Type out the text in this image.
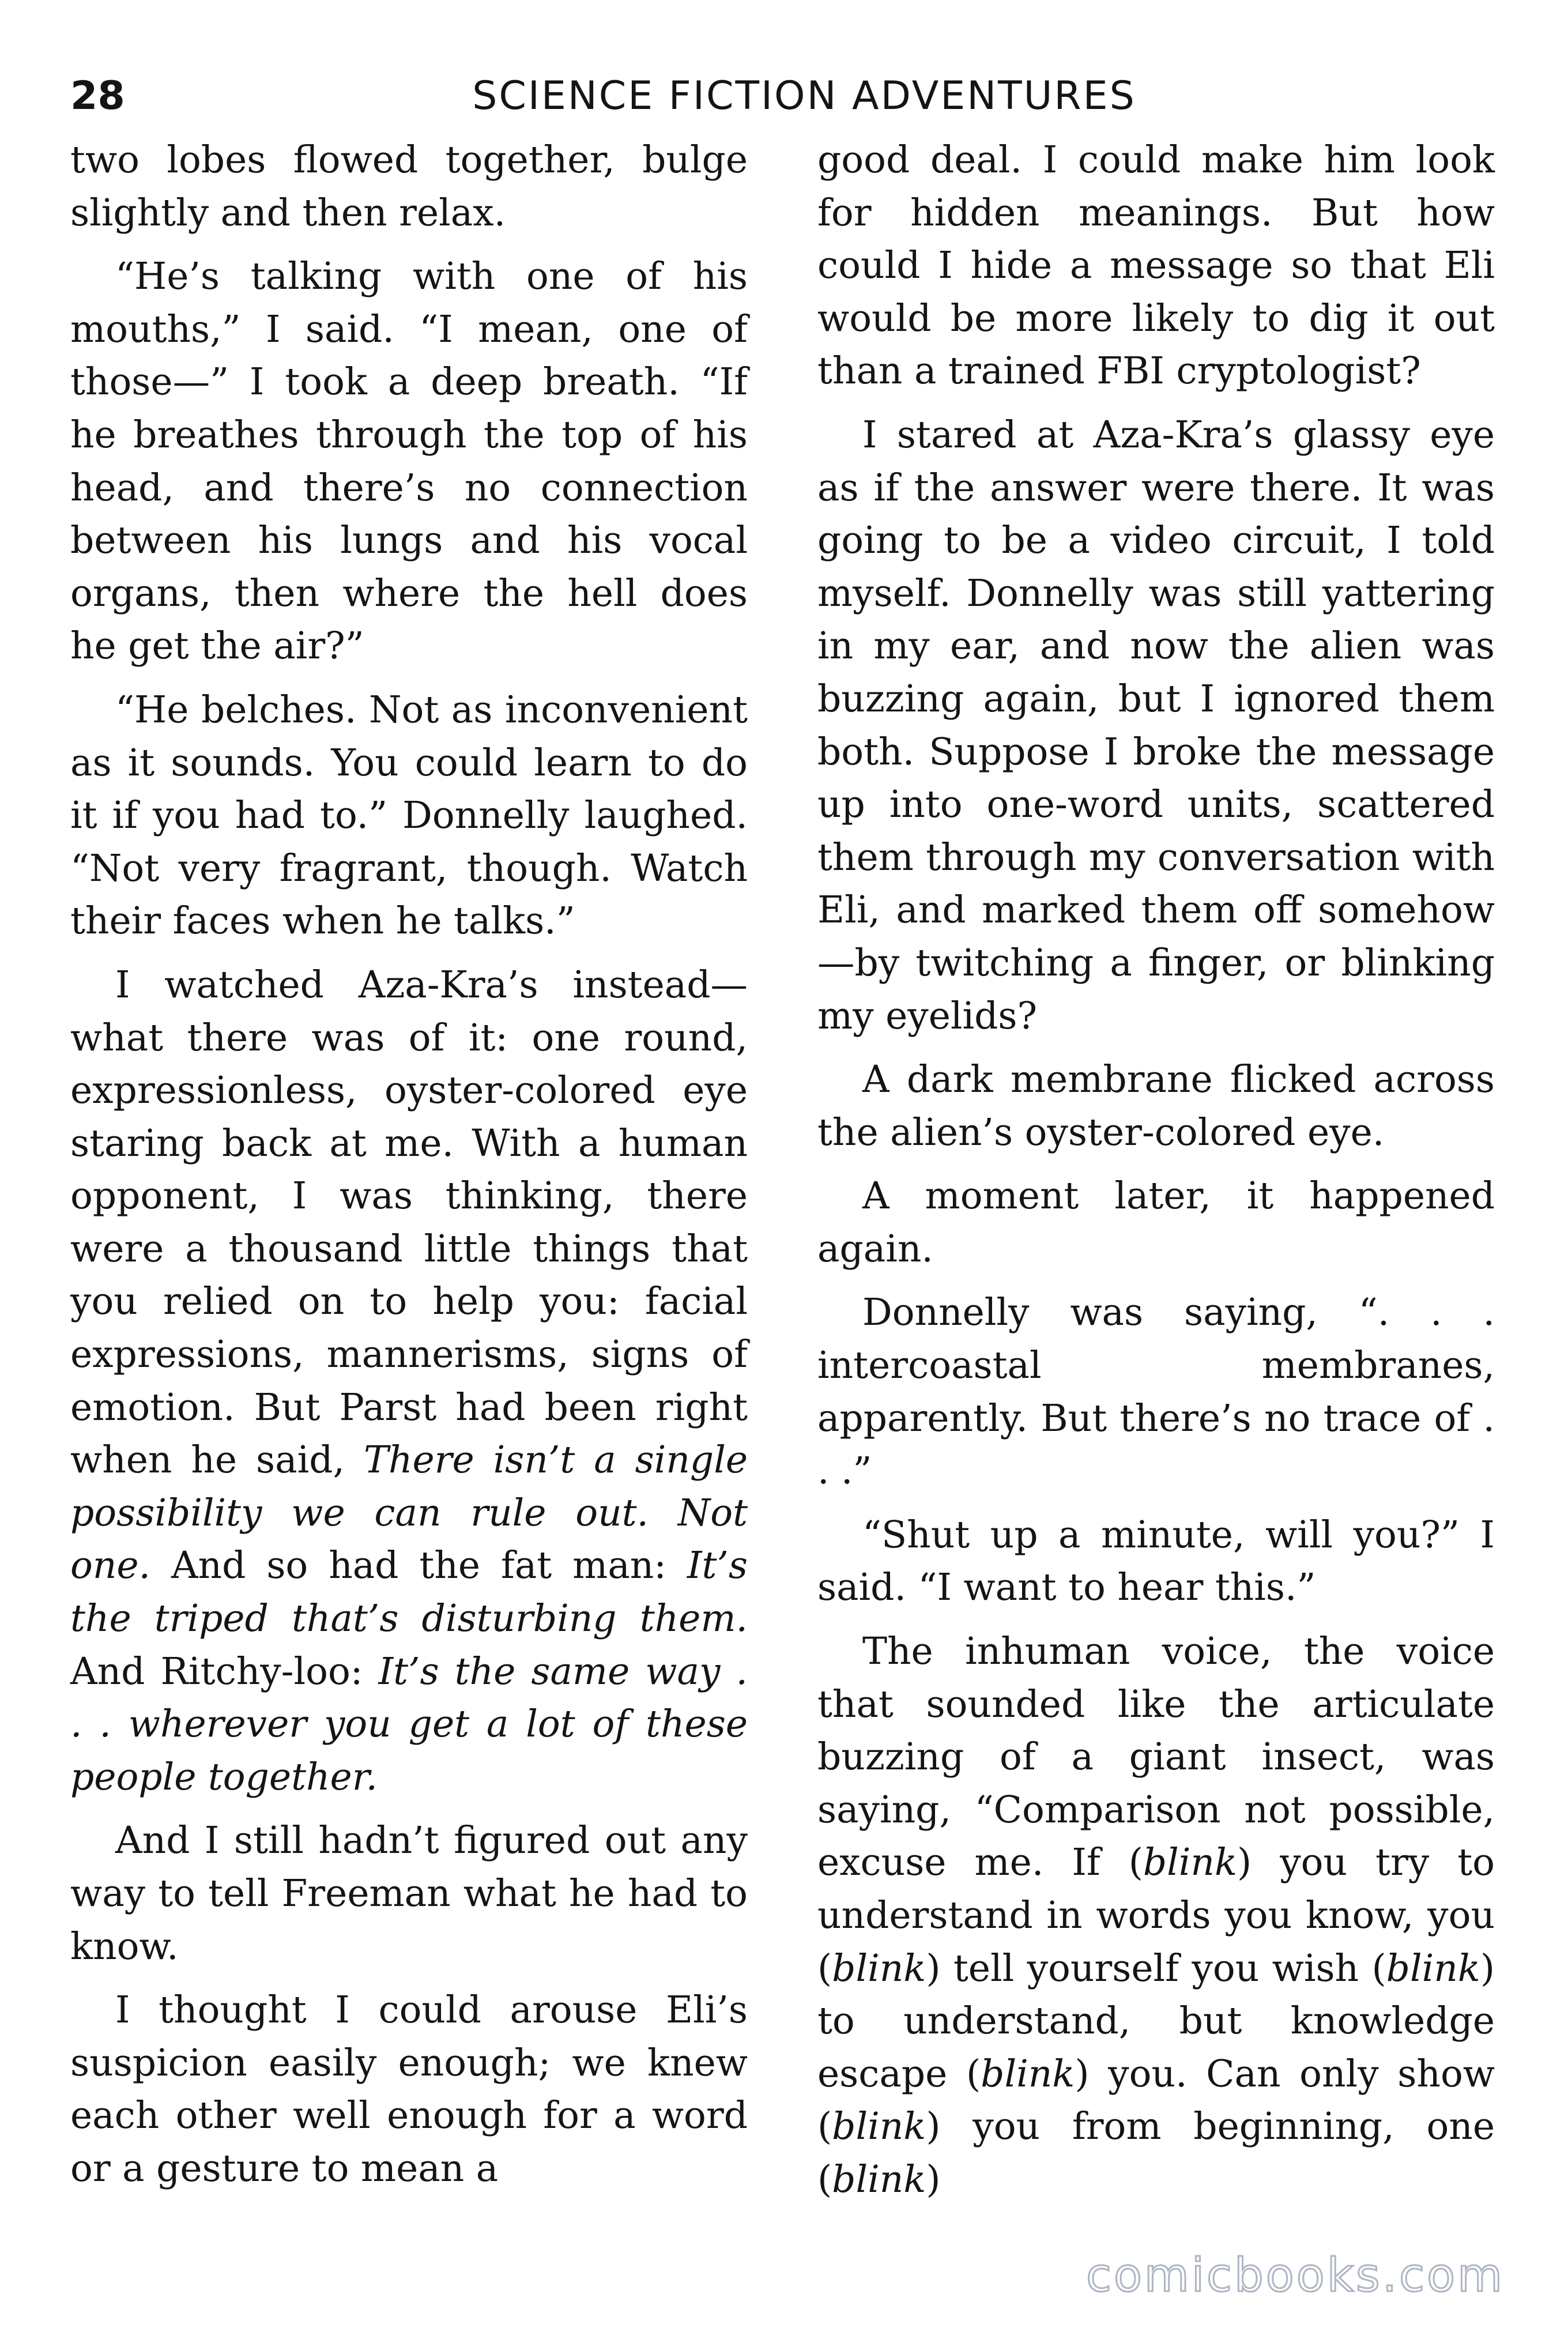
28	SCIENCE FICTION ADVENTURES

two lobes flowed together, bulge slightly and then relax.

“He’s talking with one of his mouths,” I said. “I mean, one of those—” I took a deep breath. “If he breathes through the top of his head, and there’s no connection between his lungs and his vocal organs, then where the hell does he get the air?”

“He belches. Not as inconvenient as it sounds. You could learn to do it if you had to.” Donnelly laughed. “Not very fragrant, though. Watch their faces when he talks.”

I watched Aza-Kra’s instead—what there was of it: one round, expressionless, oyster-colored eye staring back at me. With a human opponent, I was thinking, there were a thousand little things that you relied on to help you: facial expressions, mannerisms, signs of emotion. But Parst had been right when he said, There isn’t a single possibility we can rule out. Not one. And so had the fat man: It’s the triped that’s disturbing them. And Ritchy-loo: It’s the same way . . . wherever you get a lot of these people together.

And I still hadn’t figured out any way to tell Freeman what he had to know.

I thought I could arouse Eli’s suspicion easily enough; we knew each other well enough for a word or a gesture to mean a

good deal. I could make him look for hidden meanings. But how could I hide a message so that Eli would be more likely to dig it out than a trained FBI cryptologist?

I stared at Aza-Kra’s glassy eye as if the answer were there. It was going to be a video circuit, I told myself. Donnelly was still yattering in my ear, and now the alien was buzzing again, but I ignored them both. Suppose I broke the message up into one-word units, scattered them through my conversation with Eli, and marked them off somehow—by twitching a finger, or blinking my eyelids?

A dark membrane flicked across the alien’s oyster-colored eye.

A moment later, it happened again.

Donnelly was saying, “. . . intercoastal membranes, apparently. But there’s no trace of . . .”

“Shut up a minute, will you?” I said. “I want to hear this.”

The inhuman voice, the voice that sounded like the articulate buzzing of a giant insect, was saying, “Comparison not possible, excuse me. If (blink) you try to understand in words you know, you (blink) tell yourself you wish (blink) to understand, but knowledge escape (blink) you. Can only show (blink) you from beginning, one (blink)

comicbooks.com
